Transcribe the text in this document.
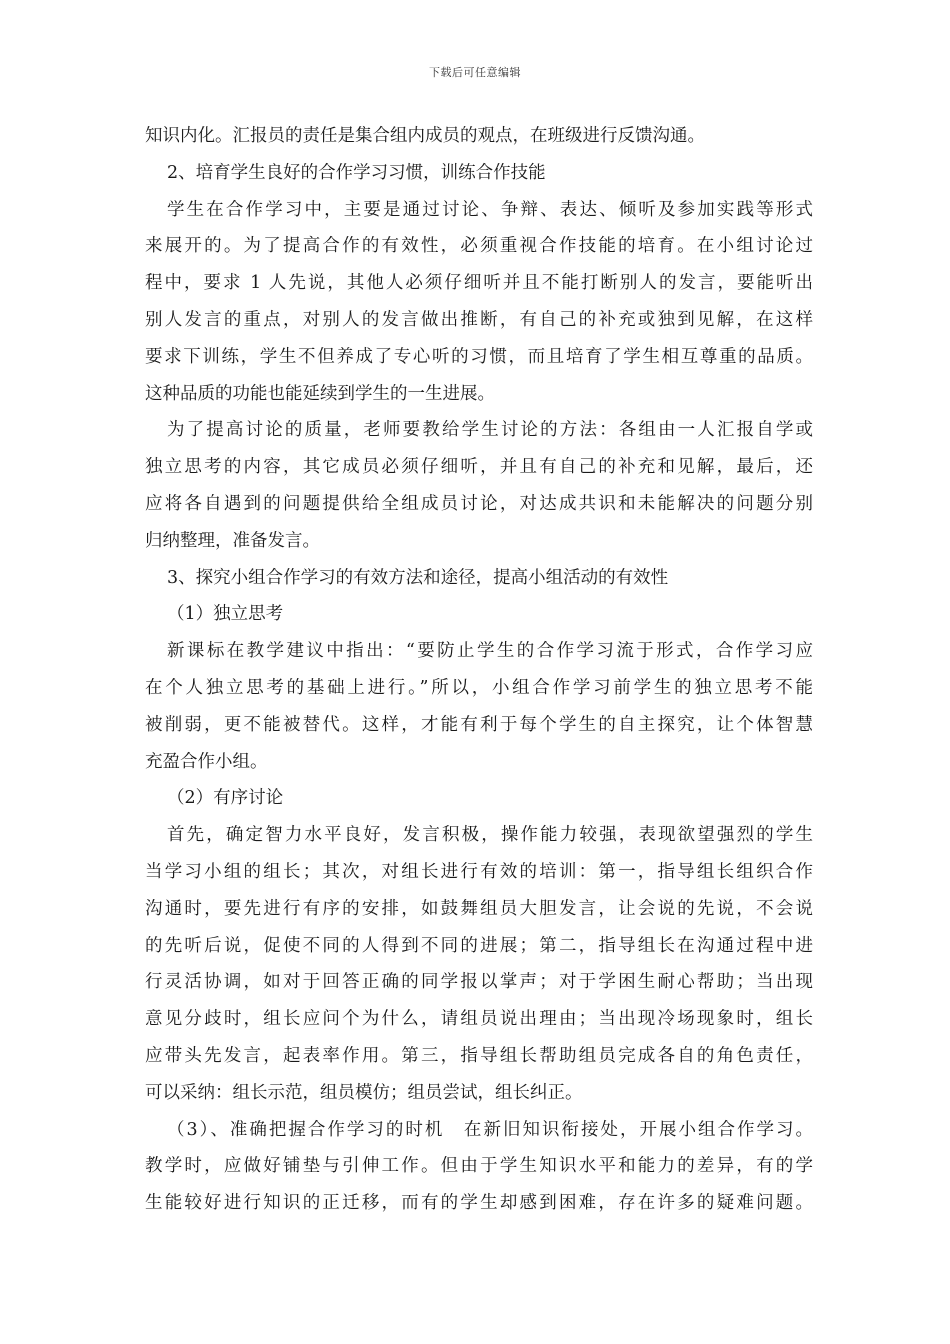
下载后可任意编辑
知识内化。汇报员的责任是集合组内成员的观点，在班级进行反馈沟通。
2、培育学生良好的合作学习习惯，训练合作技能
学生在合作学习中，主要是通过讨论、争辩、表达、倾听及参加实践等形式
来展开的。为了提高合作的有效性，必须重视合作技能的培育。在小组讨论过
程中，要求 1 人先说，其他人必须仔细听并且不能打断别人的发言，要能听出
别人发言的重点，对别人的发言做出推断，有自己的补充或独到见解，在这样
要求下训练，学生不但养成了专心听的习惯，而且培育了学生相互尊重的品质。
这种品质的功能也能延续到学生的一生进展。
为了提高讨论的质量，老师要教给学生讨论的方法：各组由一人汇报自学或
独立思考的内容，其它成员必须仔细听，并且有自己的补充和见解，最后，还
应将各自遇到的问题提供给全组成员讨论，对达成共识和未能解决的问题分别
归纳整理，准备发言。
3、探究小组合作学习的有效方法和途径，提高小组活动的有效性
（1）独立思考
新课标在教学建议中指出：“要防止学生的合作学习流于形式，合作学习应
在个人独立思考的基础上进行。”所以，小组合作学习前学生的独立思考不能
被削弱，更不能被替代。这样，才能有利于每个学生的自主探究，让个体智慧
充盈合作小组。
（2）有序讨论
首先，确定智力水平良好，发言积极，操作能力较强，表现欲望强烈的学生
当学习小组的组长；其次，对组长进行有效的培训：第一，指导组长组织合作
沟通时，要先进行有序的安排，如鼓舞组员大胆发言，让会说的先说，不会说
的先听后说，促使不同的人得到不同的进展；第二，指导组长在沟通过程中进
行灵活协调，如对于回答正确的同学报以掌声；对于学困生耐心帮助；当出现
意见分歧时，组长应问个为什么，请组员说出理由；当出现冷场现象时，组长
应带头先发言，起表率作用。第三，指导组长帮助组员完成各自的角色责任，
可以采纳：组长示范，组员模仿；组员尝试，组长纠正。
（3）、准确把握合作学习的时机　在新旧知识衔接处，开展小组合作学习。
教学时，应做好铺垫与引伸工作。但由于学生知识水平和能力的差异，有的学
生能较好进行知识的正迁移，而有的学生却感到困难，存在许多的疑难问题。
